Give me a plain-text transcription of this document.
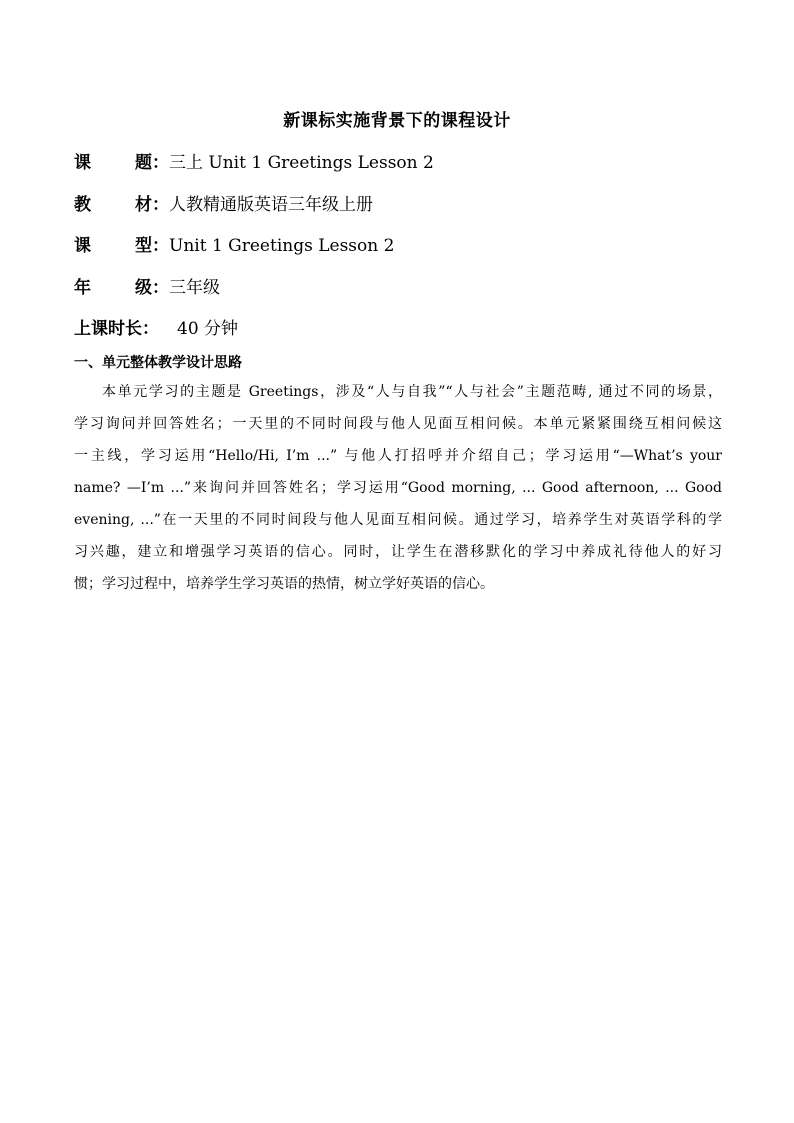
新课标实施背景下的课程设计
课	题 ： 三上 Unit 1 Greetings Lesson 2
教	材 ： 人教精通版英语三年级上册
课	型 ： Unit 1 Greetings Lesson 2
年	级 ： 三年级
上课时长 ： 40 分钟
一、单元整体教学设计思路
本单元学习的主题是 Greetings，涉及“人与自我”“人与社会”主题范畴, 通过不同的场景，
学习询问并回答姓名；一天里的不同时间段与他人见面互相问候。本单元紧紧围绕互相问候这
一主线，学习运用“Hello/Hi, I’m ...” 与他人打招呼并介绍自己；学习运用“—What’s your
name? —I’m ...”来询问并回答姓名；学习运用“Good morning, ... Good afternoon, ... Good
evening, ...”在一天里的不同时间段与他人见面互相问候。通过学习，培养学生对英语学科的学
习兴趣，建立和增强学习英语的信心。同时，让学生在潜移默化的学习中养成礼待他人的好习
惯；学习过程中，培养学生学习英语的热情，树立学好英语的信心。
